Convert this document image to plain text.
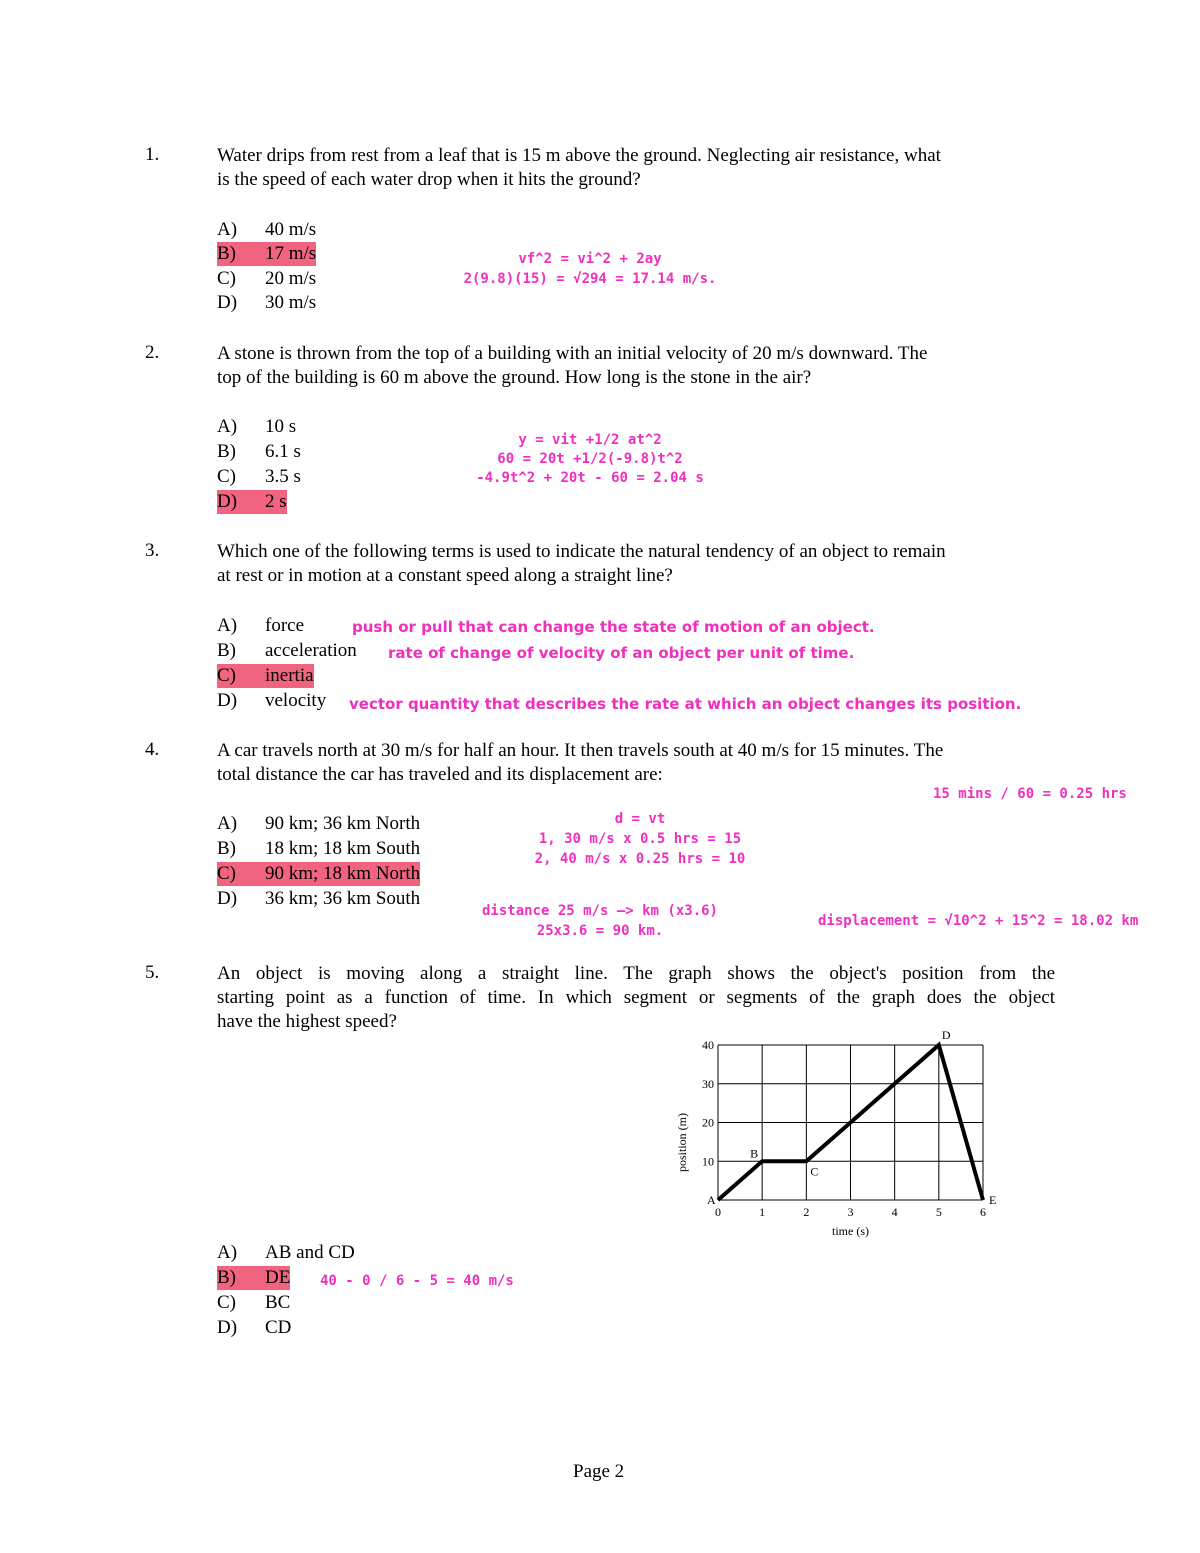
1.	Water drips from rest from a leaf that is 15 m above the ground. Neglecting air resistance, what
is the speed of each water drop when it hits the ground?
A) 40 m/s
B) 17 m/s
C) 20 m/s
D) 30 m/s
vf^2 = vi^2 + 2ay
2(9.8)(15) = √294 = 17.14 m/s.
2.	A stone is thrown from the top of a building with an initial velocity of 20 m/s downward. The
top of the building is 60 m above the ground. How long is the stone in the air?
A) 10 s
B) 6.1 s
C) 3.5 s
D) 2 s
y = vit +1/2 at^2
60 = 20t +1/2(-9.8)t^2
-4.9t^2 + 20t - 60 = 2.04 s
3.	Which one of the following terms is used to indicate the natural tendency of an object to remain
at rest or in motion at a constant speed along a straight line?
A) force
B) acceleration
C) inertia
D) velocity
push or pull that can change the state of motion of an object.
rate of change of velocity of an object per unit of time.
vector quantity that describes the rate at which an object changes its position.
4.	A car travels north at 30 m/s for half an hour. It then travels south at 40 m/s for 15 minutes. The
total distance the car has traveled and its displacement are:
A) 90 km; 36 km North
B) 18 km; 18 km South
C) 90 km; 18 km North
D) 36 km; 36 km South
15 mins / 60 = 0.25 hrs
d = vt
1, 30 m/s x 0.5 hrs = 15
2, 40 m/s x 0.25 hrs = 10
distance 25 m/s —> km (x3.6)
25x3.6 = 90 km.
displacement = √10^2 + 15^2 = 18.02 km
5.	An object is moving along a straight line. The graph shows the object's position from the
starting point as a function of time. In which segment or segments of the graph does the object
have the highest speed?
10
20
30
40
0	1	2	3	4	5	6
A
B
C
D
E
time (s)
position (m)
A) AB and CD
B) DE
C) BC
D) CD
40 - 0 / 6 - 5 = 40 m/s
Page 2
